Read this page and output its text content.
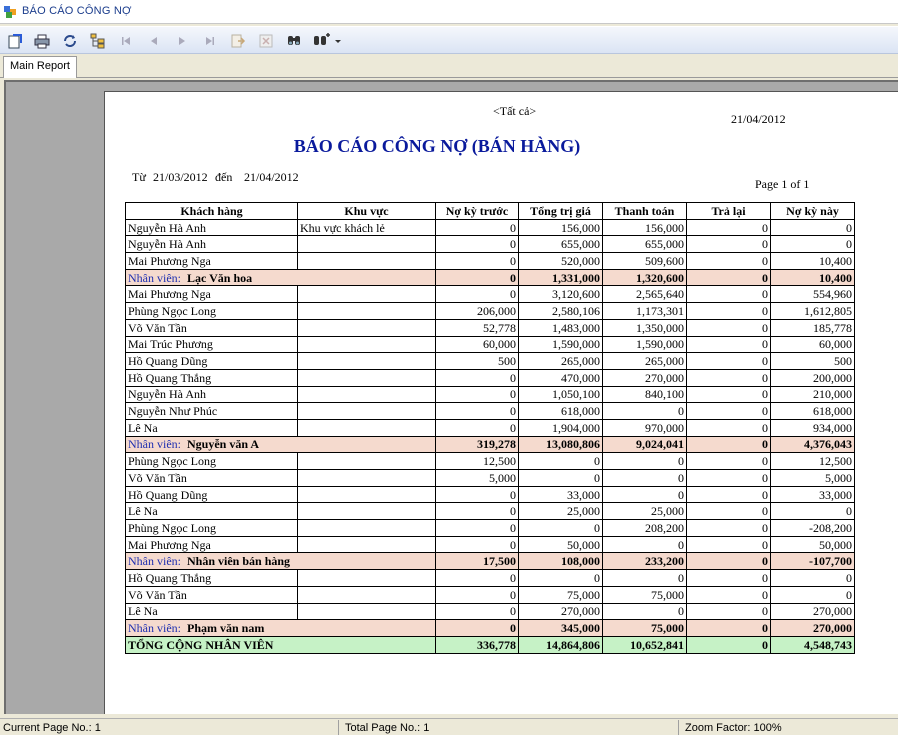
BÁO CÁO CÔNG NỢ
Main Report
<Tất cả>
21/04/2012
BÁO CÁO CÔNG NỢ (BÁN HÀNG)
Từ 21/03/2012 đến 21/04/2012	Page 1 of 1
Khách hàng	Khu vực	Nợ kỳ trước	Tổng trị giá	Thanh toán	Trả lại	Nợ kỳ này
Nguyễn Hà Anh	Khu vực khách lẻ	0	156,000	156,000	0	0
Nguyễn Hà Anh		0	655,000	655,000	0	0
Mai Phương Nga		0	520,000	509,600	0	10,400
Nhân viên: Lạc Văn hoa		0	1,331,000	1,320,600	0	10,400
Mai Phương Nga		0	3,120,600	2,565,640	0	554,960
Phùng Ngọc Long		206,000	2,580,106	1,173,301	0	1,612,805
Võ Văn Tần		52,778	1,483,000	1,350,000	0	185,778
Mai Trúc Phương		60,000	1,590,000	1,590,000	0	60,000
Hồ Quang Dũng		500	265,000	265,000	0	500
Hồ Quang Thắng		0	470,000	270,000	0	200,000
Nguyễn Hà Anh		0	1,050,100	840,100	0	210,000
Nguyễn Như Phúc		0	618,000	0	0	618,000
Lê Na		0	1,904,000	970,000	0	934,000
Nhân viên: Nguyễn văn A		319,278	13,080,806	9,024,041	0	4,376,043
Phùng Ngọc Long		12,500	0	0	0	12,500
Võ Văn Tần		5,000	0	0	0	5,000
Hồ Quang Dũng		0	33,000	0	0	33,000
Lê Na		0	25,000	25,000	0	0
Phùng Ngọc Long		0	0	208,200	0	-208,200
Mai Phương Nga		0	50,000	0	0	50,000
Nhân viên: Nhân viên bán hàng		17,500	108,000	233,200	0	-107,700
Hồ Quang Thắng		0	0	0	0	0
Võ Văn Tần		0	75,000	75,000	0	0
Lê Na		0	270,000	0	0	270,000
Nhân viên: Phạm văn nam		0	345,000	75,000	0	270,000
TỔNG CỘNG NHÂN VIÊN		336,778	14,864,806	10,652,841	0	4,548,743
Current Page No.: 1	Total Page No.: 1	Zoom Factor: 100%
